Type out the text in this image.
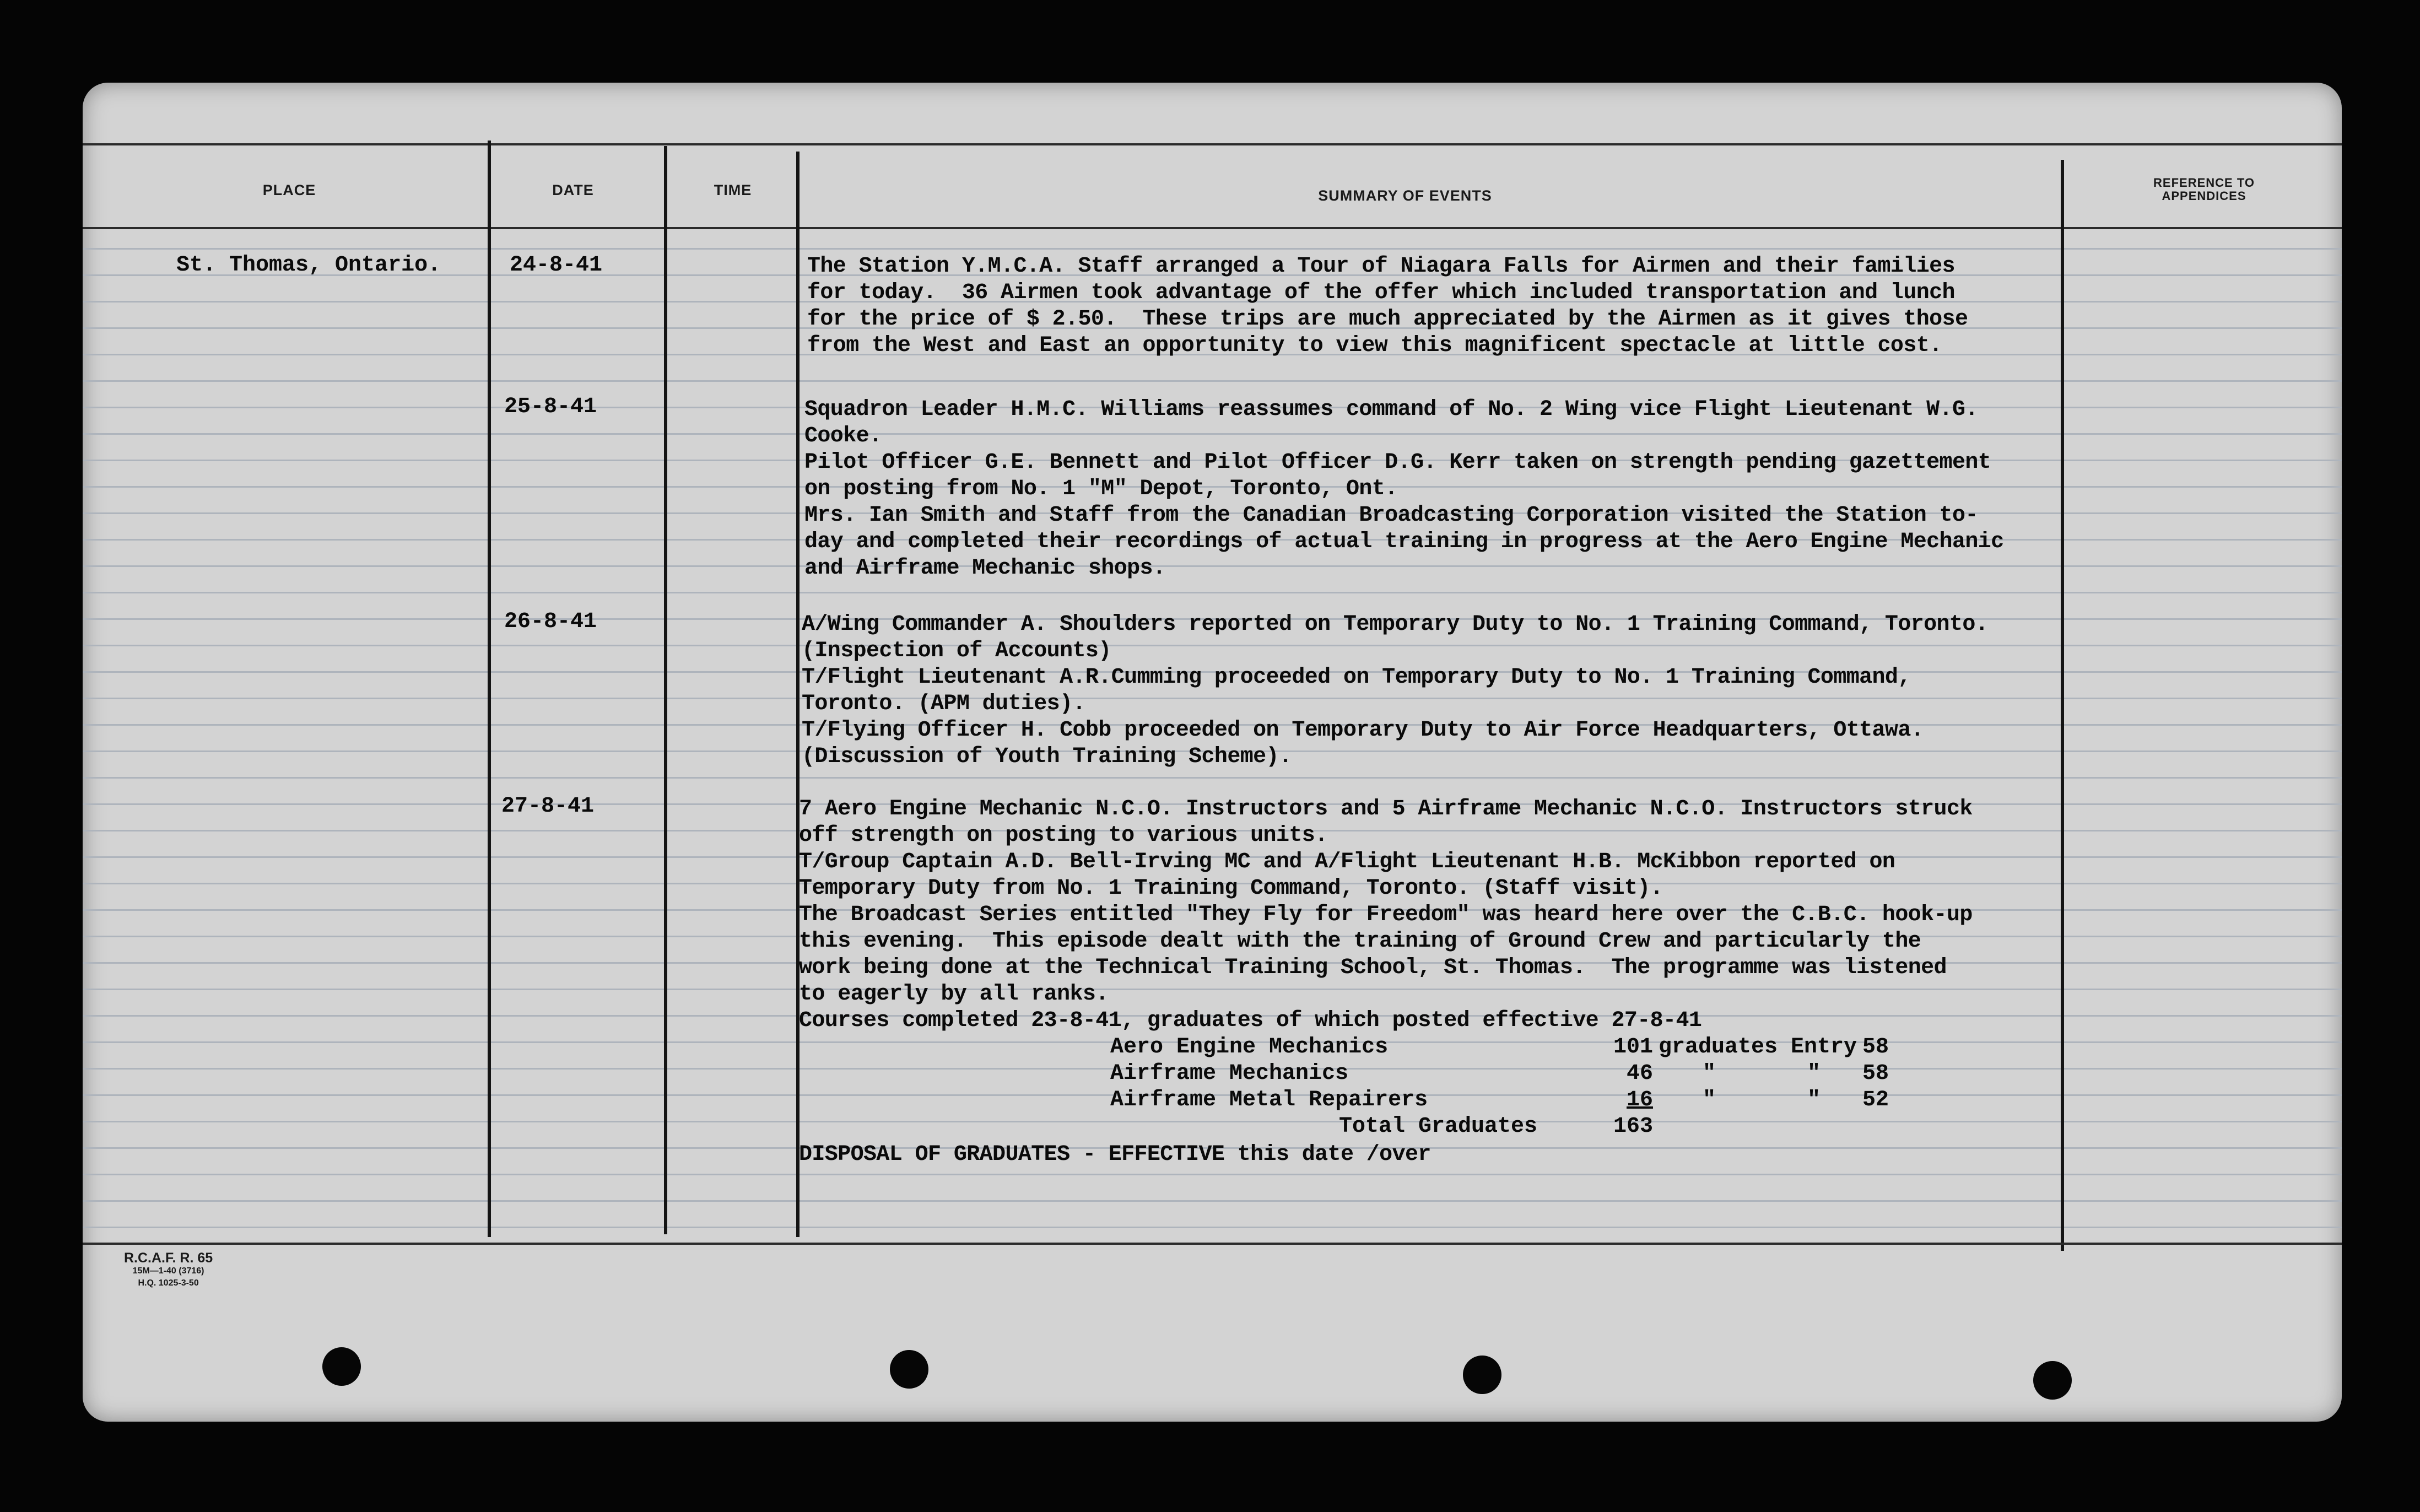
PLACE	DATE	TIME	SUMMARY OF EVENTS
REFERENCE TO APPENDICES
St. Thomas, Ontario.	24-8-41	The Station Y.M.C.A. Staff arranged a Tour of Niagara Falls for Airmen and their families
for today.  36 Airmen took advantage of the offer which included transportation and lunch
for the price of $ 2.50.  These trips are much appreciated by the Airmen as it gives those
from the West and East an opportunity to view this magnificent spectacle at little cost.
25-8-41	Squadron Leader H.M.C. Williams reassumes command of No. 2 Wing vice Flight Lieutenant W.G.
Cooke.
Pilot Officer G.E. Bennett and Pilot Officer D.G. Kerr taken on strength pending gazettement
on posting from No. 1 "M" Depot, Toronto, Ont.
Mrs. Ian Smith and Staff from the Canadian Broadcasting Corporation visited the Station to-
day and completed their recordings of actual training in progress at the Aero Engine Mechanic
and Airframe Mechanic shops.
26-8-41	A/Wing Commander A. Shoulders reported on Temporary Duty to No. 1 Training Command, Toronto.
(Inspection of Accounts)
T/Flight Lieutenant A.R.Cumming proceeded on Temporary Duty to No. 1 Training Command,
Toronto. (APM duties).
T/Flying Officer H. Cobb proceeded on Temporary Duty to Air Force Headquarters, Ottawa.
(Discussion of Youth Training Scheme).
27-8-41	7 Aero Engine Mechanic N.C.O. Instructors and 5 Airframe Mechanic N.C.O. Instructors struck
off strength on posting to various units.
T/Group Captain A.D. Bell-Irving MC and A/Flight Lieutenant H.B. McKibbon reported on
Temporary Duty from No. 1 Training Command, Toronto. (Staff visit).
The Broadcast Series entitled "They Fly for Freedom" was heard here over the C.B.C. hook-up
this evening.  This episode dealt with the training of Ground Crew and particularly the
work being done at the Technical Training School, St. Thomas.  The programme was listened
to eagerly by all ranks.
Courses completed 23-8-41, graduates of which posted effective 27-8-41
Aero Engine Mechanics	101 graduates Entry 58
Airframe Mechanics	46 "	" 58
Airframe Metal Repairers	16 "	" 52
Total Graduates	163
DISPOSAL OF GRADUATES - EFFECTIVE this date /over
R.C.A.F. R. 65
15M—1-40 (3716)
H.Q. 1025-3-50
